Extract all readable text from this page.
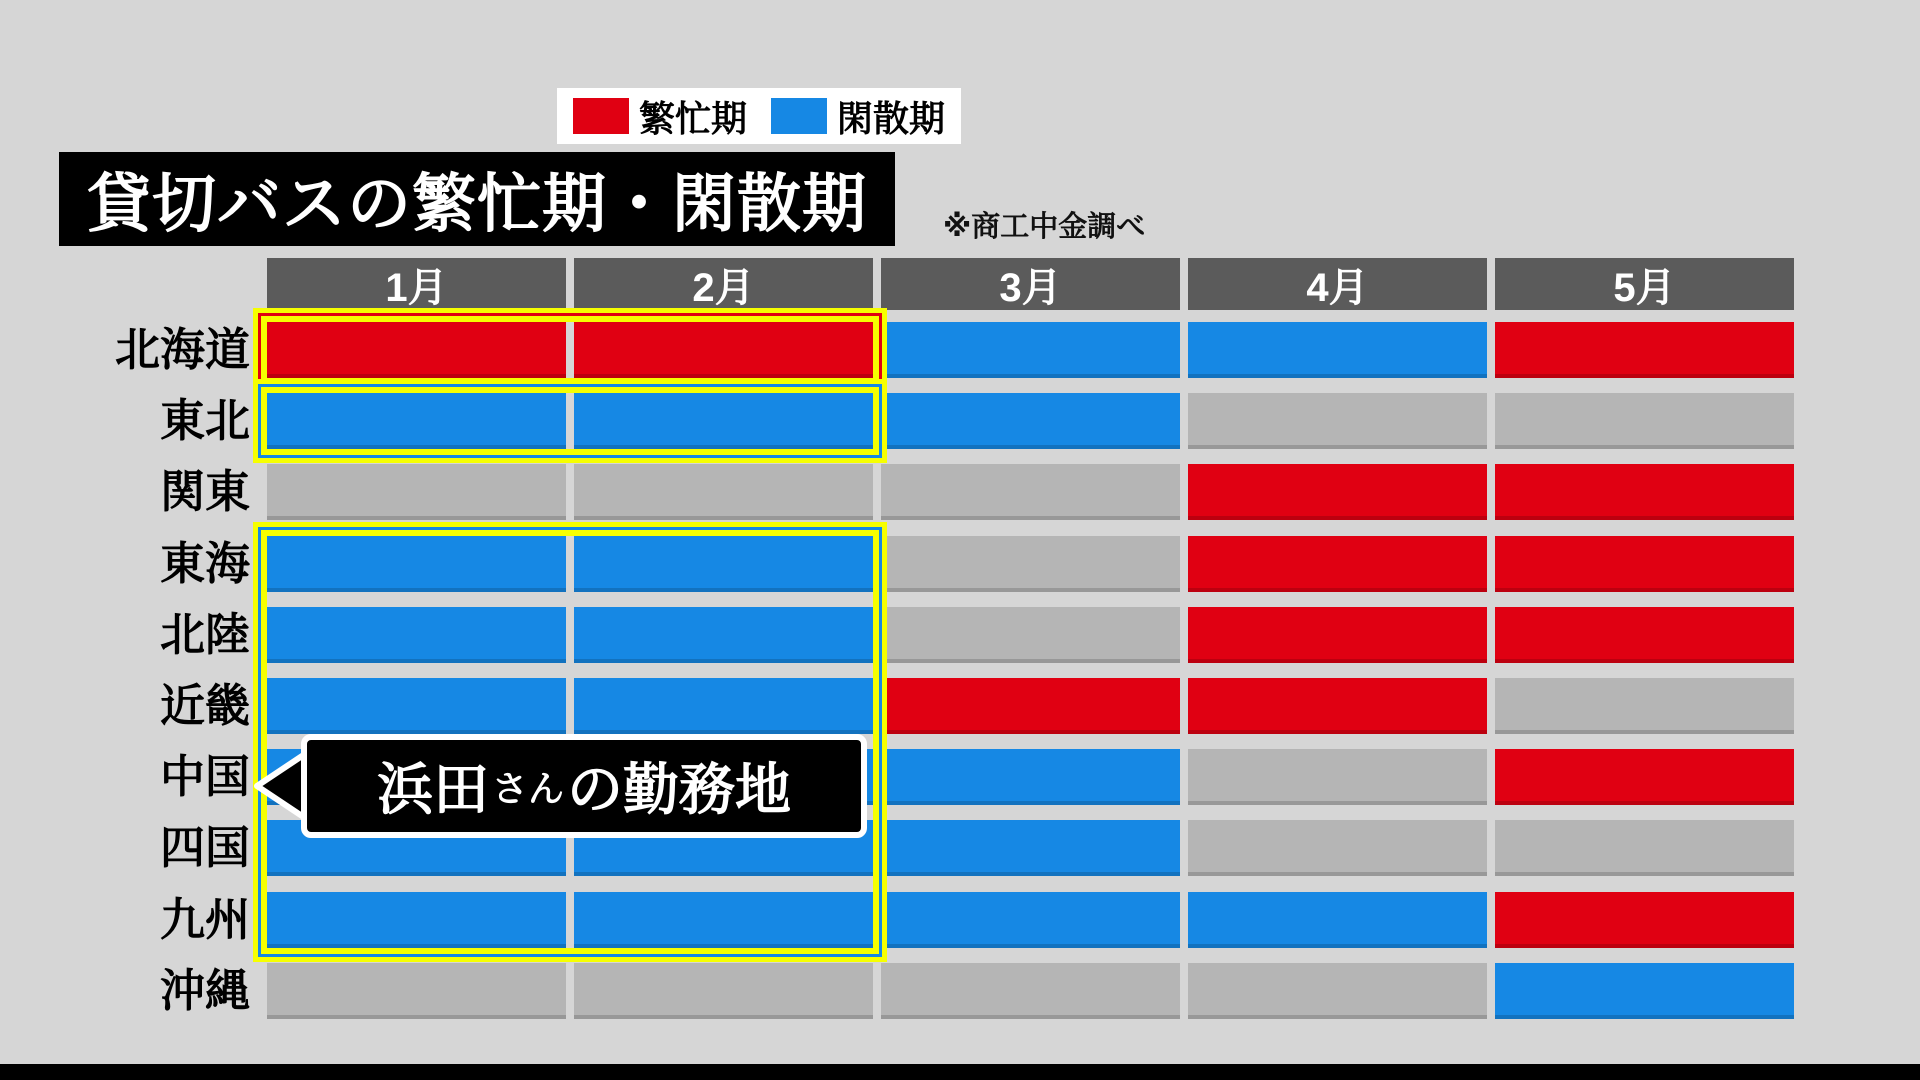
繁忙期	閑散期
貸切バスの繁忙期・閑散期	※商工中金調べ
1月	2月	3月	4月	5月
北海道
東北
関東
東海
北陸
近畿
中国
四国
九州
沖縄
浜田 さん の勤務地
